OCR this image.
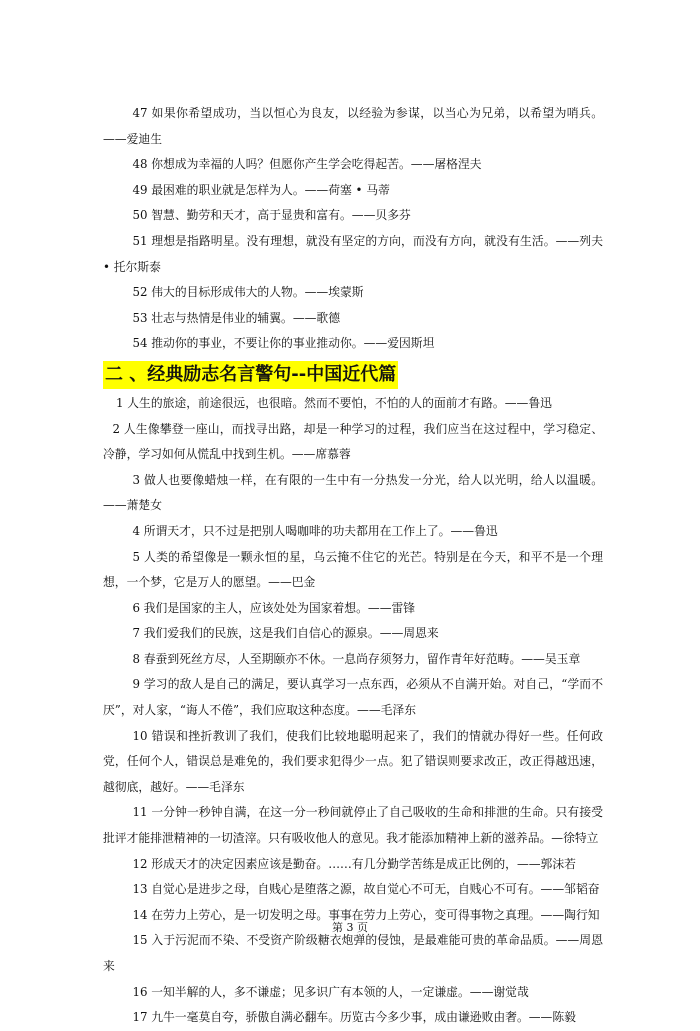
47 如果你希望成功，当以恒心为良友，以经验为参谋，以当心为兄弟，以希望为哨兵。——爱迪生

48 你想成为幸福的人吗？但愿你产生学会吃得起苦。——屠格涅夫

49 最困难的职业就是怎样为人。——荷塞 • 马蒂

50 智慧、勤劳和天才，高于显贵和富有。——贝多芬

51 理想是指路明星。没有理想，就没有坚定的方向，而没有方向，就没有生活。——列夫 • 托尔斯泰

52 伟大的目标形成伟大的人物。——埃蒙斯

53 壮志与热情是伟业的辅翼。——歌德

54 推动你的事业，不要让你的事业推动你。——爱因斯坦

二 、经典励志名言警句--中国近代篇

1 人生的旅途，前途很远，也很暗。然而不要怕，不怕的人的面前才有路。——鲁迅

2 人生像攀登一座山，而找寻出路，却是一种学习的过程，我们应当在这过程中，学习稳定、冷静，学习如何从慌乱中找到生机。——席慕蓉

3 做人也要像蜡烛一样，在有限的一生中有一分热发一分光，给人以光明，给人以温暖。——萧楚女

4 所谓天才，只不过是把别人喝咖啡的功夫都用在工作上了。——鲁迅

5 人类的希望像是一颗永恒的星，乌云掩不住它的光芒。特别是在今天，和平不是一个理想，一个梦，它是万人的愿望。——巴金

6 我们是国家的主人，应该处处为国家着想。——雷锋

7 我们爱我们的民族，这是我们自信心的源泉。——周恩来

8 春蚕到死丝方尽，人至期颐亦不休。一息尚存须努力，留作青年好范畴。——吴玉章

9 学习的敌人是自己的满足，要认真学习一点东西，必须从不自满开始。对自己，“学而不厌”，对人家，“诲人不倦”，我们应取这种态度。——毛泽东

10 错误和挫折教训了我们，使我们比较地聪明起来了，我们的情就办得好一些。任何政党，任何个人，错误总是难免的，我们要求犯得少一点。犯了错误则要求改正，改正得越迅速，越彻底，越好。——毛泽东

11 一分钟一秒钟自满，在这一分一秒间就停止了自己吸收的生命和排泄的生命。只有接受批评才能排泄精神的一切渣滓。只有吸收他人的意见。我才能添加精神上新的滋养品。—徐特立

12 形成天才的决定因素应该是勤奋。……有几分勤学苦练是成正比例的，——郭沫若

13 自觉心是进步之母，自贱心是堕落之源，故自觉心不可无，自贱心不可有。——邹韬奋

14 在劳力上劳心，是一切发明之母。事事在劳力上劳心，变可得事物之真理。——陶行知

15 入于污泥而不染、不受资产阶级糖衣炮弹的侵蚀，是最难能可贵的革命品质。——周恩来

16 一知半解的人，多不谦虚；见多识广有本领的人，一定谦虚。——谢觉哉

17 九牛一毫莫自夸，骄傲自满必翻车。历览古今多少事，成由谦逊败由奢。——陈毅

第 3 页
